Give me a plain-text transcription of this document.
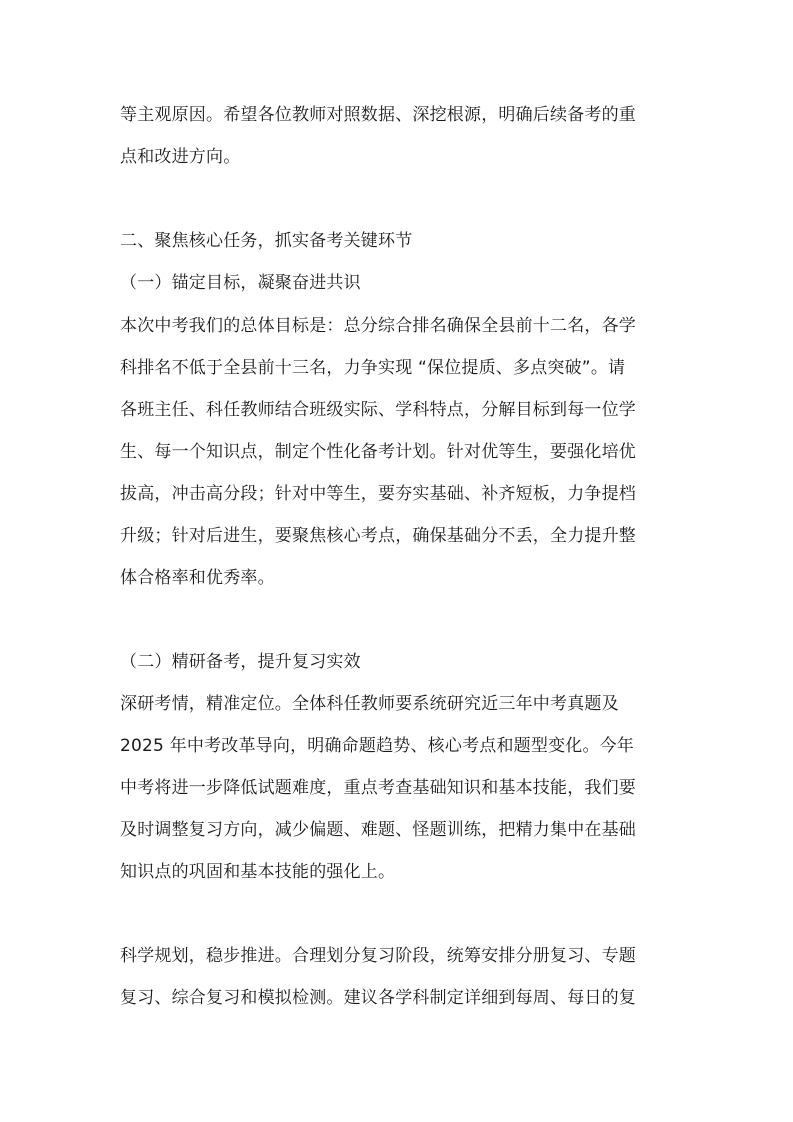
等主观原因。希望各位教师对照数据、深挖根源，明确后续备考的重
点和改进方向。
二、聚焦核心任务，抓实备考关键环节
（一）锚定目标，凝聚奋进共识
本次中考我们的总体目标是：总分综合排名确保全县前十二名，各学
科排名不低于全县前十三名，力争实现 “保位提质、多点突破”。请
各班主任、科任教师结合班级实际、学科特点，分解目标到每一位学
生、每一个知识点，制定个性化备考计划。针对优等生，要强化培优
拔高，冲击高分段；针对中等生，要夯实基础、补齐短板，力争提档
升级；针对后进生，要聚焦核心考点，确保基础分不丢，全力提升整
体合格率和优秀率。
（二）精研备考，提升复习实效
深研考情，精准定位。全体科任教师要系统研究近三年中考真题及
2025 年中考改革导向，明确命题趋势、核心考点和题型变化。今年
中考将进一步降低试题难度，重点考查基础知识和基本技能，我们要
及时调整复习方向，减少偏题、难题、怪题训练，把精力集中在基础
知识点的巩固和基本技能的强化上。
科学规划，稳步推进。合理划分复习阶段，统筹安排分册复习、专题
复习、综合复习和模拟检测。建议各学科制定详细到每周、每日的复
